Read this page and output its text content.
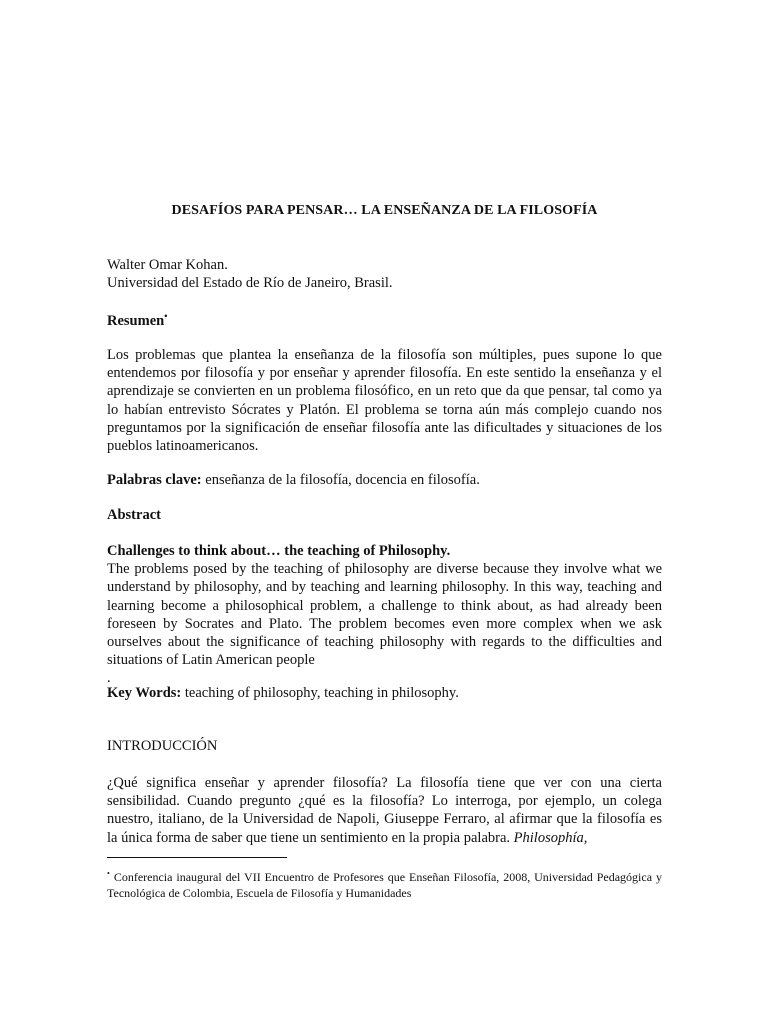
DESAFÍOS PARA PENSAR… LA ENSEÑANZA DE LA FILOSOFÍA
Walter Omar Kohan.
Universidad del Estado de Río de Janeiro, Brasil.
Resumen•
Los problemas que plantea la enseñanza de la filosofía son múltiples, pues supone lo que entendemos por filosofía y por enseñar y aprender filosofía. En este sentido la enseñanza y el aprendizaje se convierten en un problema filosófico, en un reto que da que pensar, tal como ya lo habían entrevisto Sócrates y Platón. El problema se torna aún más complejo cuando nos preguntamos por la significación de enseñar filosofía ante las dificultades y situaciones de los pueblos latinoamericanos.
Palabras clave: enseñanza de la filosofía, docencia en filosofía.
Abstract
Challenges to think about… the teaching of Philosophy.
The problems posed by the teaching of philosophy are diverse because they involve what we understand by philosophy, and by teaching and learning philosophy. In this way, teaching and learning become a philosophical problem, a challenge to think about, as had already been foreseen by Socrates and Plato. The problem becomes even more complex when we ask ourselves about the significance of teaching philosophy with regards to the difficulties and situations of Latin American people
.
Key Words: teaching of philosophy, teaching in philosophy.
INTRODUCCIÓN
¿Qué significa enseñar y aprender filosofía? La filosofía tiene que ver con una cierta sensibilidad. Cuando pregunto ¿qué es la filosofía? Lo interroga, por ejemplo, un colega nuestro, italiano, de la Universidad de Napoli, Giuseppe Ferraro, al afirmar que la filosofía es la única forma de saber que tiene un sentimiento en la propia palabra. Philosophía,
• Conferencia inaugural del VII Encuentro de Profesores que Enseñan Filosofía, 2008, Universidad Pedagógica y Tecnológica de Colombia, Escuela de Filosofía y Humanidades
